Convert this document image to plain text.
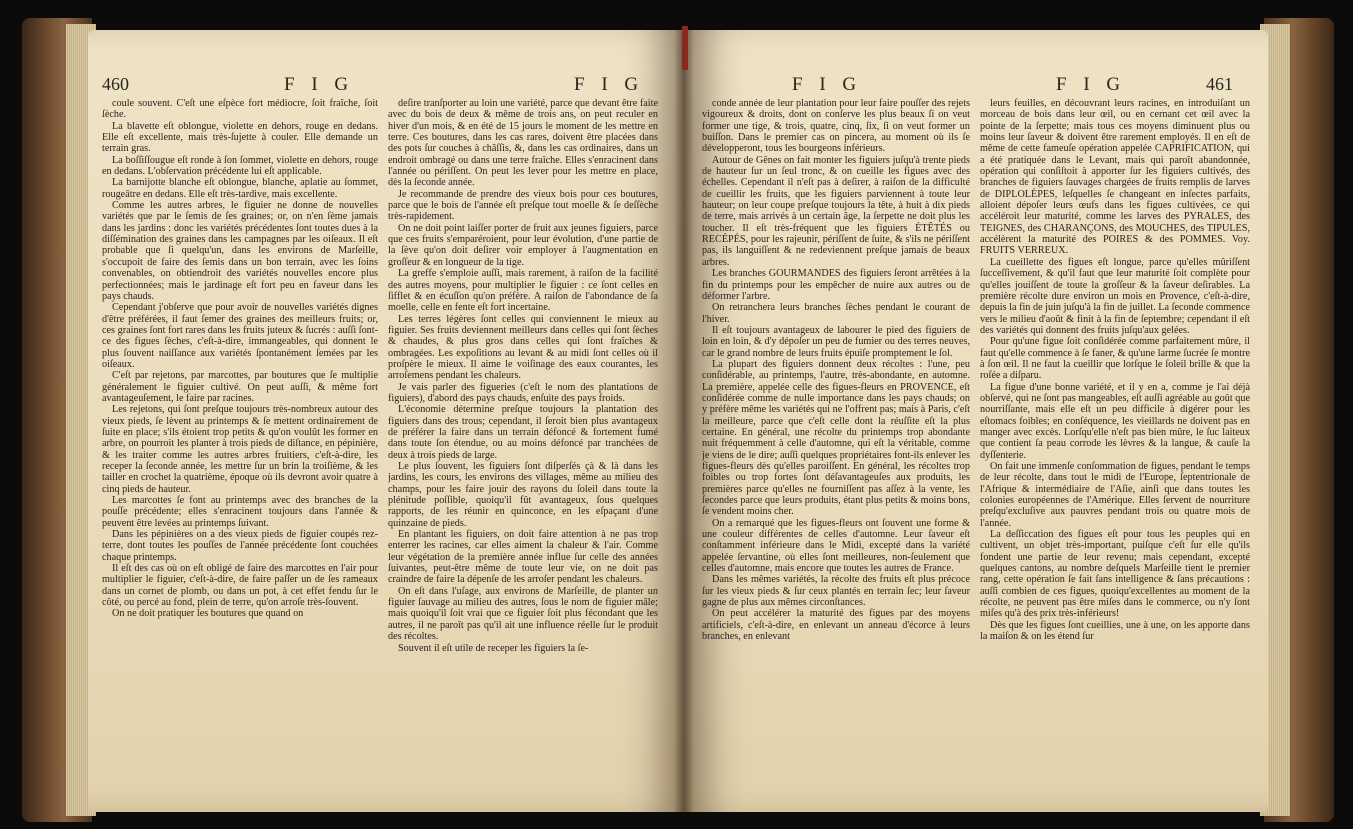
460	F I G	F I G

coule souvent. C'eſt une eſpèce fort médiocre, ſoit fraîche, ſoit ſèche.

La blavette eſt oblongue, violette en dehors, rouge en dedans. Elle eſt excellente, mais très-ſujette à couler. Elle demande un terrain gras.

La boſſiſſougue eſt ronde à ſon ſommet, violette en dehors, rouge en dedans. L'obſervation précédente lui eſt applicable.

La barnijotte blanche eſt oblongue, blanche, aplatie au ſommet, rougeâtre en dedans. Elle eſt très-tardive, mais excellente.

Comme les autres arbres, le figuier ne donne de nouvelles variétés que par le ſemis de ſes graines; or, on n'en ſème jamais dans les jardins : donc les variétés précédentes ſont toutes dues à la diſſémination des graines dans les campagnes par les oiſeaux. Il eſt probable que ſi quelqu'un, dans les environs de Marſeille, s'occupoit de faire des ſemis dans un bon terrain, avec les ſoins convenables, on obtiendroit des variétés nouvelles encore plus perfectionnées; mais le jardinage eſt fort peu en faveur dans les pays chauds.

Cependant j'obſerve que pour avoir de nouvelles variétés dignes d'être préférées, il faut ſemer des graines des meilleurs fruits; or, ces graines ſont fort rares dans les fruits juteux & ſucrés : auſſi ſont-ce des figues ſèches, c'eſt-à-dire, immangeables, qui donnent le plus ſouvent naiſſance aux variétés ſpontanément ſemées par les oiſeaux.

C'eſt par rejetons, par marcottes, par boutures que ſe multiplie généralement le figuier cultivé. On peut auſſi, & même fort avantageuſement, le faire par racines.

Les rejetons, qui ſont preſque toujours très-nombreux autour des vieux pieds, ſe lèvent au printemps & ſe mettent ordinairement de ſuite en place; s'ils étoient trop petits & qu'on voulût les former en arbre, on pourroit les planter à trois pieds de diſtance, en pépinière, & les traiter comme les autres arbres fruitiers, c'eſt-à-dire, les receper la ſeconde année, les mettre ſur un brin la troiſième, & les tailler en crochet la quatrième, époque où ils devront avoir quatre à cinq pieds de hauteur.

Les marcottes ſe font au printemps avec des branches de la pouſſe précédente; elles s'enracinent toujours dans l'année & peuvent être levées au printemps ſuivant.

Dans les pépinières on a des vieux pieds de figuier coupés rez-terre, dont toutes les pouſſes de l'année précédente ſont couchées chaque printemps.

Il eſt des cas où on eſt obligé de faire des marcottes en l'air pour multiplier le figuier, c'eſt-à-dire, de faire paſſer un de ſes rameaux dans un cornet de plomb, ou dans un pot, à cet effet fendu ſur le côté, ou percé au fond, plein de terre, qu'on arroſe très-ſouvent.

On ne doit pratiquer les boutures que quand on

deſire tranſporter au loin une variété, parce que devant être faite avec du bois de deux & même de trois ans, on peut reculer en hiver d'un mois, & en été de 15 jours le moment de les mettre en terre. Ces boutures, dans les cas rares, doivent être placées dans des pots ſur couches à châſſis, &, dans les cas ordinaires, dans un endroit ombragé ou dans une terre fraîche. Elles s'enracinent dans l'année ou périſſent. On peut les lever pour les mettre en place, dès la ſeconde année.

Je recommande de prendre des vieux bois pour ces boutures, parce que le bois de l'année eſt preſque tout moelle & ſe deſſèche très-rapidement.

On ne doit point laiſſer porter de fruit aux jeunes figuiers, parce que ces fruits s'emparéroient, pour leur évolution, d'une partie de la ſève qu'on doit deſirer voir employer à l'augmentation en groſſeur & en longueur de la tige.

La greffe s'emploie auſſi, mais rarement, à raiſon de la facilité des autres moyens, pour multiplier le figuier : ce ſont celles en ſifflet & en écuſſon qu'on préfère. A raiſon de l'abondance de ſa moelle, celle en fente eſt fort incertaine.

Les terres légères ſont celles qui conviennent le mieux au figuier. Ses fruits deviennent meilleurs dans celles qui ſont ſèches & chaudes, & plus gros dans celles qui ſont fraîches & ombragées. Les expoſitions au levant & au midi ſont celles où il proſpère le mieux. Il aime le voiſinage des eaux courantes, les arroſemens pendant les chaleurs.

Je vais parler des figueries (c'eſt le nom des plantations de figuiers), d'abord des pays chauds, enſuite des pays froids.

L'économie détermine preſque toujours la plantation des figuiers dans des trous; cependant, il ſeroit bien plus avantageux de préférer la faire dans un terrain défoncé & fortement fumé dans toute ſon étendue, ou au moins défoncé par tranchées de deux à trois pieds de large.

Le plus ſouvent, les figuiers ſont diſperſés çà & là dans les jardins, les cours, les environs des villages, même au milieu des champs, pour les faire jouir des rayons du ſoleil dans toute la plénitude poſſible, quoiqu'il fût avantageux, ſous quelques rapports, de les réunir en quinconce, en les eſpaçant d'une quinzaine de pieds.

En plantant les figuiers, on doit faire attention à ne pas trop enterrer les racines, car elles aiment la chaleur & l'air. Comme leur végétation de la première année influe ſur celle des années ſuivantes, peut-être même de toute leur vie, on ne doit pas craindre de faire la dépenſe de les arroſer pendant les chaleurs.

On eſt dans l'uſage, aux environs de Marſeille, de planter un figuier ſauvage au milieu des autres, ſous le nom de figuier mâle; mais quoiqu'il ſoit vrai que ce figuier ſoit plus fécondant que les autres, il ne paroît pas qu'il ait une influence réelle ſur le produit des récoltes.

Souvent il eſt utile de receper les figuiers la ſe-

F I G	F I G	461

conde année de leur plantation pour leur faire pouſſer des rejets vigoureux & droits, dont on conſerve les plus beaux ſi on veut former une tige, & trois, quatre, cinq, ſix, ſi on veut former un buiſſon. Dans le premier cas on pincera, au moment où ils ſe développeront, tous les bourgeons inférieurs.

Autour de Gênes on fait monter les figuiers juſqu'à trente pieds de hauteur ſur un ſeul tronc, & on cueille les figues avec des échelles. Cependant il n'eſt pas à deſirer, à raiſon de la difficulté de cueillir les fruits, que les figuiers parviennent à toute leur hauteur; on leur coupe preſque toujours la tête, à huit à dix pieds de terre, mais arrivés à un certain âge, la ſerpette ne doit plus les toucher. Il eſt très-fréquent que les figuiers ÉTÊTÉS ou RECÉPÉS, pour les rajeunir, périſſent de ſuite, & s'ils ne périſſent pas, ils languiſſent & ne redeviennent preſque jamais de beaux arbres.

Les branches GOURMANDES des figuiers ſeront arrêtées à la fin du printemps pour les empêcher de nuire aux autres ou de déformer l'arbre.

On retranchera leurs branches ſèches pendant le courant de l'hiver.

Il eſt toujours avantageux de labourer le pied des figuiers de loin en loin, & d'y dépoſer un peu de fumier ou des terres neuves, car le grand nombre de leurs fruits épuiſe promptement le ſol.

La plupart des figuiers donnent deux récoltes : l'une, peu conſidérable, au printemps, l'autre, très-abondante, en automne. La première, appelée celle des figues-fleurs en PROVENCE, eſt conſidérée comme de nulle importance dans les pays chauds; on y préfère même les variétés qui ne l'offrent pas; mais à Paris, c'eſt la meilleure, parce que c'eſt celle dont la réuſſite eſt la plus certaine. En général, une récolte du printemps trop abondante nuit fréquemment à celle d'automne, qui eſt la véritable, comme je viens de le dire; auſſi quelques propriétaires font-ils enlever les figues-fleurs dès qu'elles paroiſſent. En général, les récoltes trop foibles ou trop fortes ſont déſavantageuſes aux produits, les premières parce qu'elles ne fourniſſent pas aſſez à la vente, les ſecondes parce que leurs produits, étant plus petits & moins bons, ſe vendent moins cher.

On a remarqué que les figues-fleurs ont ſouvent une forme & une couleur différentes de celles d'automne. Leur ſaveur eſt conſtamment inférieure dans le Midi, excepté dans la variété appelée ſervantine, où elles ſont meilleures, non-ſeulement que celles d'automne, mais encore que toutes les autres de France.

Dans les mêmes variétés, la récolte des fruits eſt plus précoce ſur les vieux pieds & ſur ceux plantés en terrain ſec; leur ſaveur gagne de plus aux mêmes circonſtances.

On peut accélérer la maturité des figues par des moyens artificiels, c'eſt-à-dire, en enlevant un anneau d'écorce à leurs branches, en enlevant

leurs feuilles, en découvrant leurs racines, en introduiſant un morceau de bois dans leur œil, ou en cernant cet œil avec la pointe de la ſerpette; mais tous ces moyens diminuent plus ou moins leur ſaveur & doivent être rarement employés. Il en eſt de même de cette fameuſe opération appelée CAPRIFICATION, qui a été pratiquée dans le Levant, mais qui paroît abandonnée, opération qui conſiſtoit à apporter ſur les figuiers cultivés, des branches de figuiers ſauvages chargées de fruits remplis de larves de DIPLOLÈPES, leſquelles ſe changeant en inſectes parfaits, alloient dépoſer leurs œufs dans les figues cultivées, ce qui accéléroit leur maturité, comme les larves des PYRALES, des TEIGNES, des CHARANÇONS, des MOUCHES, des TIPULES, accélèrent la maturité des POIRES & des POMMES. Voy. FRUITS VERREUX.

La cueillette des figues eſt longue, parce qu'elles mûriſſent ſucceſſivement, & qu'il faut que leur maturité ſoit complète pour qu'elles jouiſſent de toute la groſſeur & la ſaveur deſirables. La première récolte dure environ un mois en Provence, c'eſt-à-dire, depuis la fin de juin juſqu'à la fin de juillet. La ſeconde commence vers le milieu d'août & finit à la fin de ſeptembre; cependant il eſt des variétés qui donnent des fruits juſqu'aux gelées.

Pour qu'une figue ſoit conſidérée comme parfaitement mûre, il faut qu'elle commence à ſe faner, & qu'une larme ſucrée ſe montre à ſon œil. Il ne faut la cueillir que lorſque le ſoleil brille & que la roſée a diſparu.

La figue d'une bonne variété, et il y en a, comme je l'ai déjà obſervé, qui ne ſont pas mangeables, eſt auſſi agréable au goût que nourriſſante, mais elle eſt un peu difficile à digérer pour les eſtomacs foibles; en conſéquence, les vieillards ne doivent pas en manger avec excès. Lorſqu'elle n'eſt pas bien mûre, le ſuc laiteux que contient ſa peau corrode les lèvres & la langue, & cauſe la dyſſenterie.

On fait une immenſe conſommation de figues, pendant le temps de leur récolte, dans tout le midi de l'Europe, ſeptentrionale de l'Afrique & intermédiaire de l'Aſie, ainſi que dans toutes les colonies européennes de l'Amérique. Elles ſervent de nourriture preſqu'excluſive aux pauvres pendant trois ou quatre mois de l'année.

La deſſiccation des figues eſt pour tous les peuples qui en cultivent, un objet très-important, puiſque c'eſt ſur elle qu'ils fondent une partie de leur revenu; mais cependant, excepté quelques cantons, au nombre deſquels Marſeille tient le premier rang, cette opération ſe fait ſans intelligence & ſans précautions : auſſi combien de ces figues, quoiqu'excellentes au moment de la récolte, ne peuvent pas être miſes dans le commerce, ou n'y ſont miſes qu'à des prix très-inférieurs!

Dès que les figues ſont cueillies, une à une, on les apporte dans la maiſon & on les étend ſur
